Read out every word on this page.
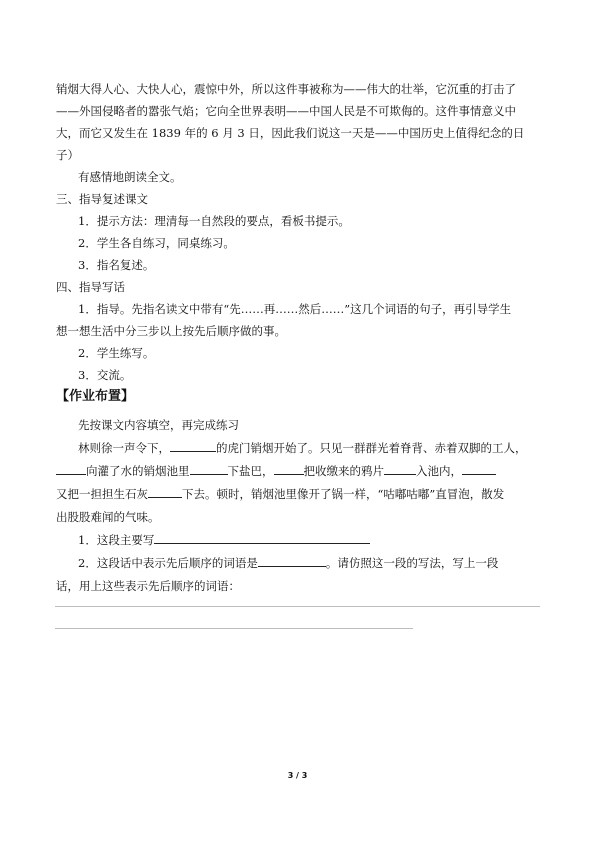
销烟大得人心、大快人心，震惊中外，所以这件事被称为——伟大的壮举，它沉重的打击了
——外国侵略者的嚣张气焰；它向全世界表明——中国人民是不可欺侮的。这件事情意义中
大，而它又发生在 1839 年的 6 月 3 日，因此我们说这一天是——中国历史上值得纪念的日
子）
有感情地朗读全文。
三、指导复述课文
1．提示方法：理清每一自然段的要点，看板书提示。
2．学生各自练习，同桌练习。
3．指名复述。
四、指导写话
1．指导。先指名读文中带有“先……再……然后……”这几个词语的句子，再引导学生
想一想生活中分三步以上按先后顺序做的事。
2．学生练写。
3．交流。
【作业布置】
先按课文内容填空，再完成练习
林则徐一声令下，	的虎门销烟开始了。只见一群群光着脊背、赤着双脚的工人，
向灌了水的销烟池里	下盐巴，	把收缴来的鸦片	入池内，
又把一担担生石灰	下去。顿时，销烟池里像开了锅一样，“咕嘟咕嘟”直冒泡，散发
出股股难闻的气味。
1．这段主要写
2．这段话中表示先后顺序的词语是	。请仿照这一段的写法，写上一段
话，用上这些表示先后顺序的词语：
3 / 3
